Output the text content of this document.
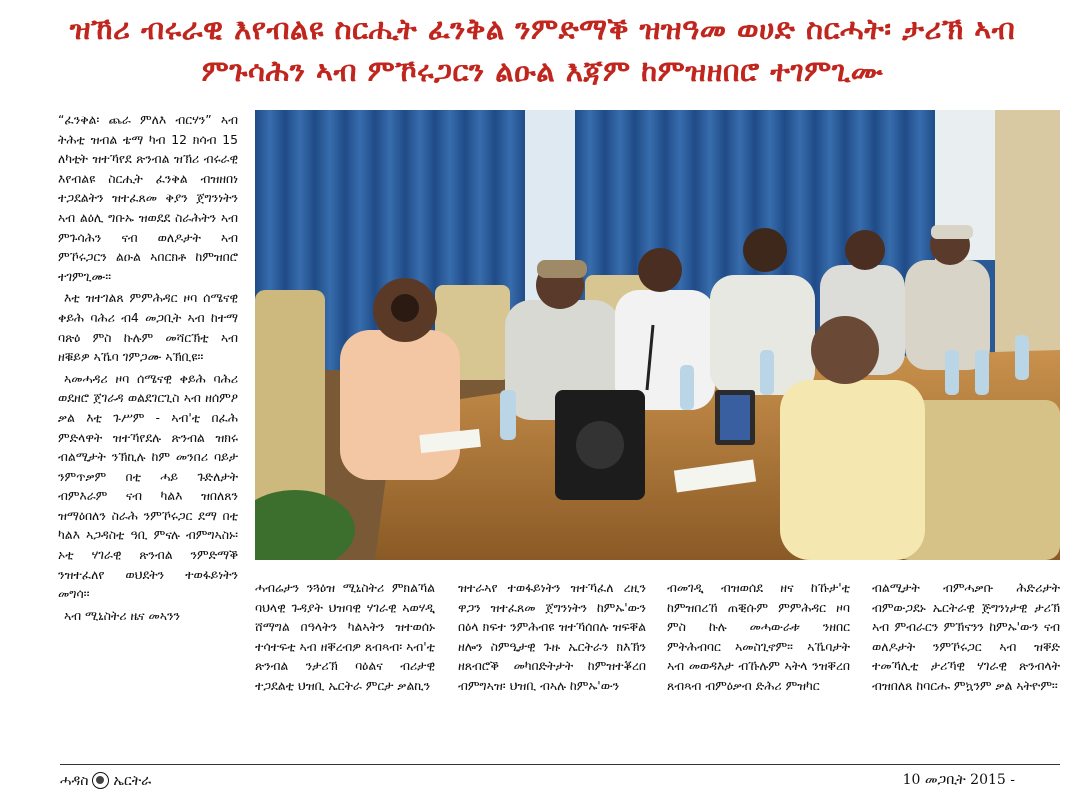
ዝኸሪ ብሩራዊ እየብልዩ ስርሒት ፈንቅል ንምድማቕ ዝዝዓመ ወሀድ ስርሓት፡ ታሪኽ ኣብ
ምጉሳሕን ኣብ ምኾሩጋርን ልዑል እጃም ከምዝዘበሮ ተገምጊሙ

“ፈንቅል፡ ጨራ ምለእ ብርሃን” ኣብ ትሕቲ ዝብል ቴማ ካብ 12 ክሳብ 15 ለካቲት ዝተኻየደ ጽንብል ዝኽሪ ብሩራዊ እየብልዩ ስርሒት ፈንቅል ብዝዘበነ ተጋደልትን ዝተፈጸመ ቅያን ጀግንነትን ኣብ ልዕሊ ግቡኡ ዝወደደ ስራሕትን ኣብ ምጉሳሕን ናብ ወለዶታት ኣብ ምኾሩጋርን ልዑል ኣበርክቶ ከምዝበሮ ተገምጊሙ።

እቲ ዝተገልጸ ምምሕዳር ዞባ ሰሜናዊ ቀይሕ ባሕሪ ብ4 መጋቢት ኣብ ከተማ ባጽዕ ምስ ኩሉም መሻርኽቲ ኣብ ዘቑይዎ ኣኼባ ገምጋሙ ኣኽቢዩ።

ኣመሓዳሪ ዞባ ሰሜናዊ ቀይሕ ባሕሪ ወደዘሮ ጀገራዳ ወልደገርጊስ ኣብ ዘሰምዖ ቃል እቲ ጉሥም - ኣብ'ቲ በፈሕ ምድላዋት ዝተኻየደሉ ጽንብል ዝክሩ ብልሚታት ንኽኪሉ ከም መንበሪ ባይታ ንምጥቃም በቲ ሓይ ጉድለታት ብምእራም ናብ ካልእ ዝበለጸን ዝማዕበለን ስራሕ ንምኾሩጋር ደማ በቲ ካልእ ኣጋዳስቲ ዓቢ ምናሉ ብምግኣስኑ፡ ኦቲ ሃገራዊ ጽንብል ንምድማቕ ንዝተፈለየ ወህደትን ተወፋይነትን መግሳ፡፡

ኣብ ሚኒስትሪ ዜና መኣንን

ሓብሬታን ንጓዕዝ ሚኒስትሪ ምክልኻል ባህላዊ ጉዳያት ህዝባዊ ሃገራዊ ኣወሃዲ ሸማግል በዓላትን ካልኣትን ዝተወሰኑ ተሳተፍቲ ኣብ ዘቐረብዎ ጸብጻብ፡ ኣብ'ቲ ጽንብል ንታሪኽ ባዕልና ብሪታዊ ተጋደልቲ ህዝቢ ኤርትራ ምርታ ቃልኪን

ዝተራኣየ ተወፋይነትን ዝተኻፈለ ረዚን ዋጋን ዝተፈጸመ ጀግንነትን ከምኡ'ውን በዕላ ክፍተ ንምሕብዩ ዝተኻሰበሉ ዝፍቐል ዘሎን ስምዒታዊ ጉዙ ኤርትራን ክእኽን ዘጸብሮቕ መካበድትታት ከምዝተቖረበ ብምግኣዝ፡ ህዝቢ ብኣሉ ከምኡ'ውን

ብመገዲ ብዝወሰደ ዘና ከኹታ'ቲ ከምዝበረኸ ጠቒሱም ምምሕዳር ዞባ ምስ ኩሉ መሓውራቱ ንዘበር ምትሕብባር ኣመስጊኖም፡፡ ኣኼባታት ኣብ መወዳእታ ብኹሉም ኣትላ ንዝቐረበ ጸብጻብ ብምዕቃብ ድሕሪ ምዝካር

ብልሚታት ብምሓቃቡ ሕድሪታት ብምውጋደኑ ኤርትራዊ ጅግንነታዊ ታሪኽ ኣብ ምብራርን ምኽናንን ከምኡ'ውን ናብ ወለዶታት ንምኾሩጋር ኣብ ዝቐድ ተመኻሊቲ ታሪኻዊ ሃገራዊ ጽንብላት ብዝበለጸ ከባርሑ ምኳንም ቃል ኣትዮም፡፡

ሓዳስ ኤርትራ	10 መጋቢት 2015 -
